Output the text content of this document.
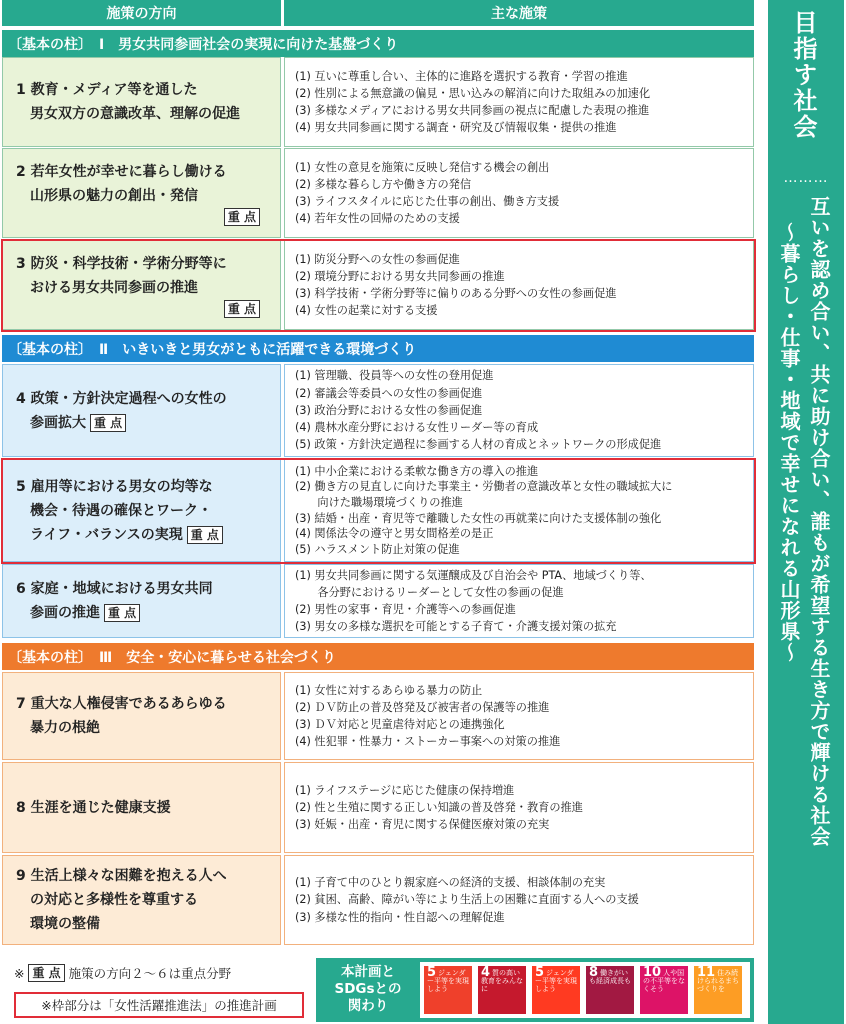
施策の方向	主な施策
〔基本の柱〕　Ⅰ　男女共同参画社会の実現に向けた基盤づくり
1 教育・メディア等を通した
　男女双方の意識改革、理解の促進
(1) 互いに尊重し合い、主体的に進路を選択する教育・学習の推進
(2) 性別による無意識の偏見・思い込みの解消に向けた取組みの加速化
(3) 多様なメディアにおける男女共同参画の視点に配慮した表現の推進
(4) 男女共同参画に関する調査・研究及び情報収集・提供の推進
2 若年女性が幸せに暮らし働ける
　山形県の魅力の創出・発信
重 点
(1) 女性の意見を施策に反映し発信する機会の創出
(2) 多様な暮らし方や働き方の発信
(3) ライフスタイルに応じた仕事の創出、働き方支援
(4) 若年女性の回帰のための支援
3 防災・科学技術・学術分野等に
　おける男女共同参画の推進
重 点
(1) 防災分野への女性の参画促進
(2) 環境分野における男女共同参画の推進
(3) 科学技術・学術分野等に偏りのある分野への女性の参画促進
(4) 女性の起業に対する支援
〔基本の柱〕　Ⅱ　いきいきと男女がともに活躍できる環境づくり
4 政策・方針決定過程への女性の
　参画拡大 重 点
(1) 管理職、役員等への女性の登用促進
(2) 審議会等委員への女性の参画促進
(3) 政治分野における女性の参画促進
(4) 農林水産分野における女性リーダー等の育成
(5) 政策・方針決定過程に参画する人材の育成とネットワークの形成促進
5 雇用等における男女の均等な
　機会・待遇の確保とワーク・
　ライフ・バランスの実現 重 点
(1) 中小企業における柔軟な働き方の導入の推進
(2) 働き方の見直しに向けた事業主・労働者の意識改革と女性の職域拡大に
　　向けた職場環境づくりの推進
(3) 結婚・出産・育児等で離職した女性の再就業に向けた支援体制の強化
(4) 関係法令の遵守と男女間格差の是正
(5) ハラスメント防止対策の促進
6 家庭・地域における男女共同
　参画の推進 重 点
(1) 男女共同参画に関する気運醸成及び自治会や PTA、地域づくり等、
　　各分野におけるリーダーとして女性の参画の促進
(2) 男性の家事・育児・介護等への参画促進
(3) 男女の多様な選択を可能とする子育て・介護支援対策の拡充
〔基本の柱〕　Ⅲ　安全・安心に暮らせる社会づくり
7 重大な人権侵害であるあらゆる
　暴力の根絶
(1) 女性に対するあらゆる暴力の防止
(2) ＤＶ防止の普及啓発及び被害者の保護等の推進
(3) ＤＶ対応と児童虐待対応との連携強化
(4) 性犯罪・性暴力・ストーカー事案への対策の推進
8 生涯を通じた健康支援
(1) ライフステージに応じた健康の保持増進
(2) 性と生殖に関する正しい知識の普及啓発・教育の推進
(3) 妊娠・出産・育児に関する保健医療対策の充実
9 生活上様々な困難を抱える人へ
　の対応と多様性を尊重する
　環境の整備
(1) 子育て中のひとり親家庭への経済的支援、相談体制の充実
(2) 貧困、高齢、障がい等により生活上の困難に直面する人への支援
(3) 多様な性的指向・性自認への理解促進
※ 重 点 施策の方向２～６は重点分野
※枠部分は「女性活躍推進法」の推進計画
本計画と
SDGsとの
関わり
5 ジェンダー平等を実現しよう
4 質の高い教育をみんなに
5 ジェンダー平等を実現しよう
8 働きがいも経済成長も
10 人や国の不平等をなくそう
11 住み続けられるまちづくりを
目指す社会
………
互いを認め合い、共に助け合い、誰もが希望する生き方で輝ける社会
～暮らし・仕事・地域で幸せになれる山形県～
